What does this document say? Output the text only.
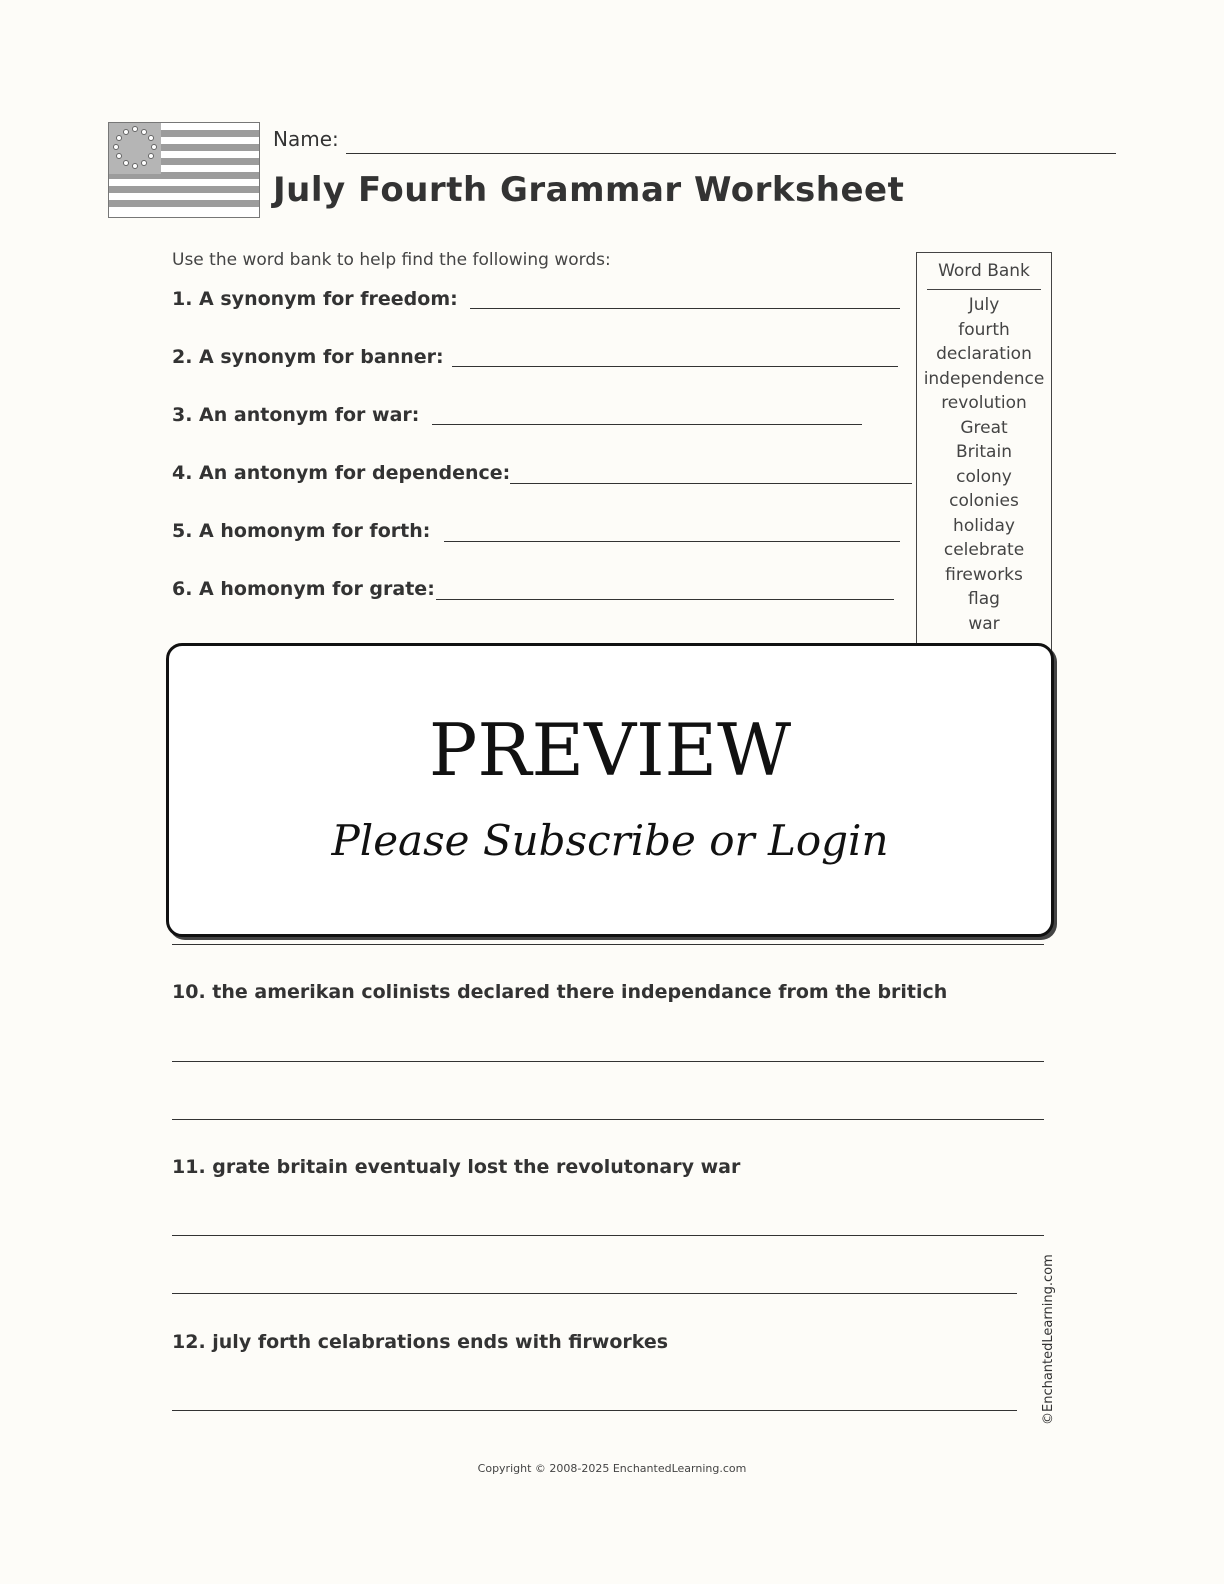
Name:
July Fourth Grammar Worksheet
Use the word bank to help find the following words:
1. A synonym for freedom:
2. A synonym for banner:
3. An antonym for war:
4. An antonym for dependence:
5. A homonym for forth:
6. A homonym for grate:
Word Bank
July
fourth
declaration
independence
revolution
Great
Britain
colony
colonies
holiday
celebrate
fireworks
flag
war
PREVIEW
Please Subscribe or Login
10. the amerikan colinists declared there independance from the britich
11. grate britain eventualy lost the revolutonary war
12. july forth celabrations ends with firworkes	©EnchantedLearning.com
Copyright © 2008-2025 EnchantedLearning.com
